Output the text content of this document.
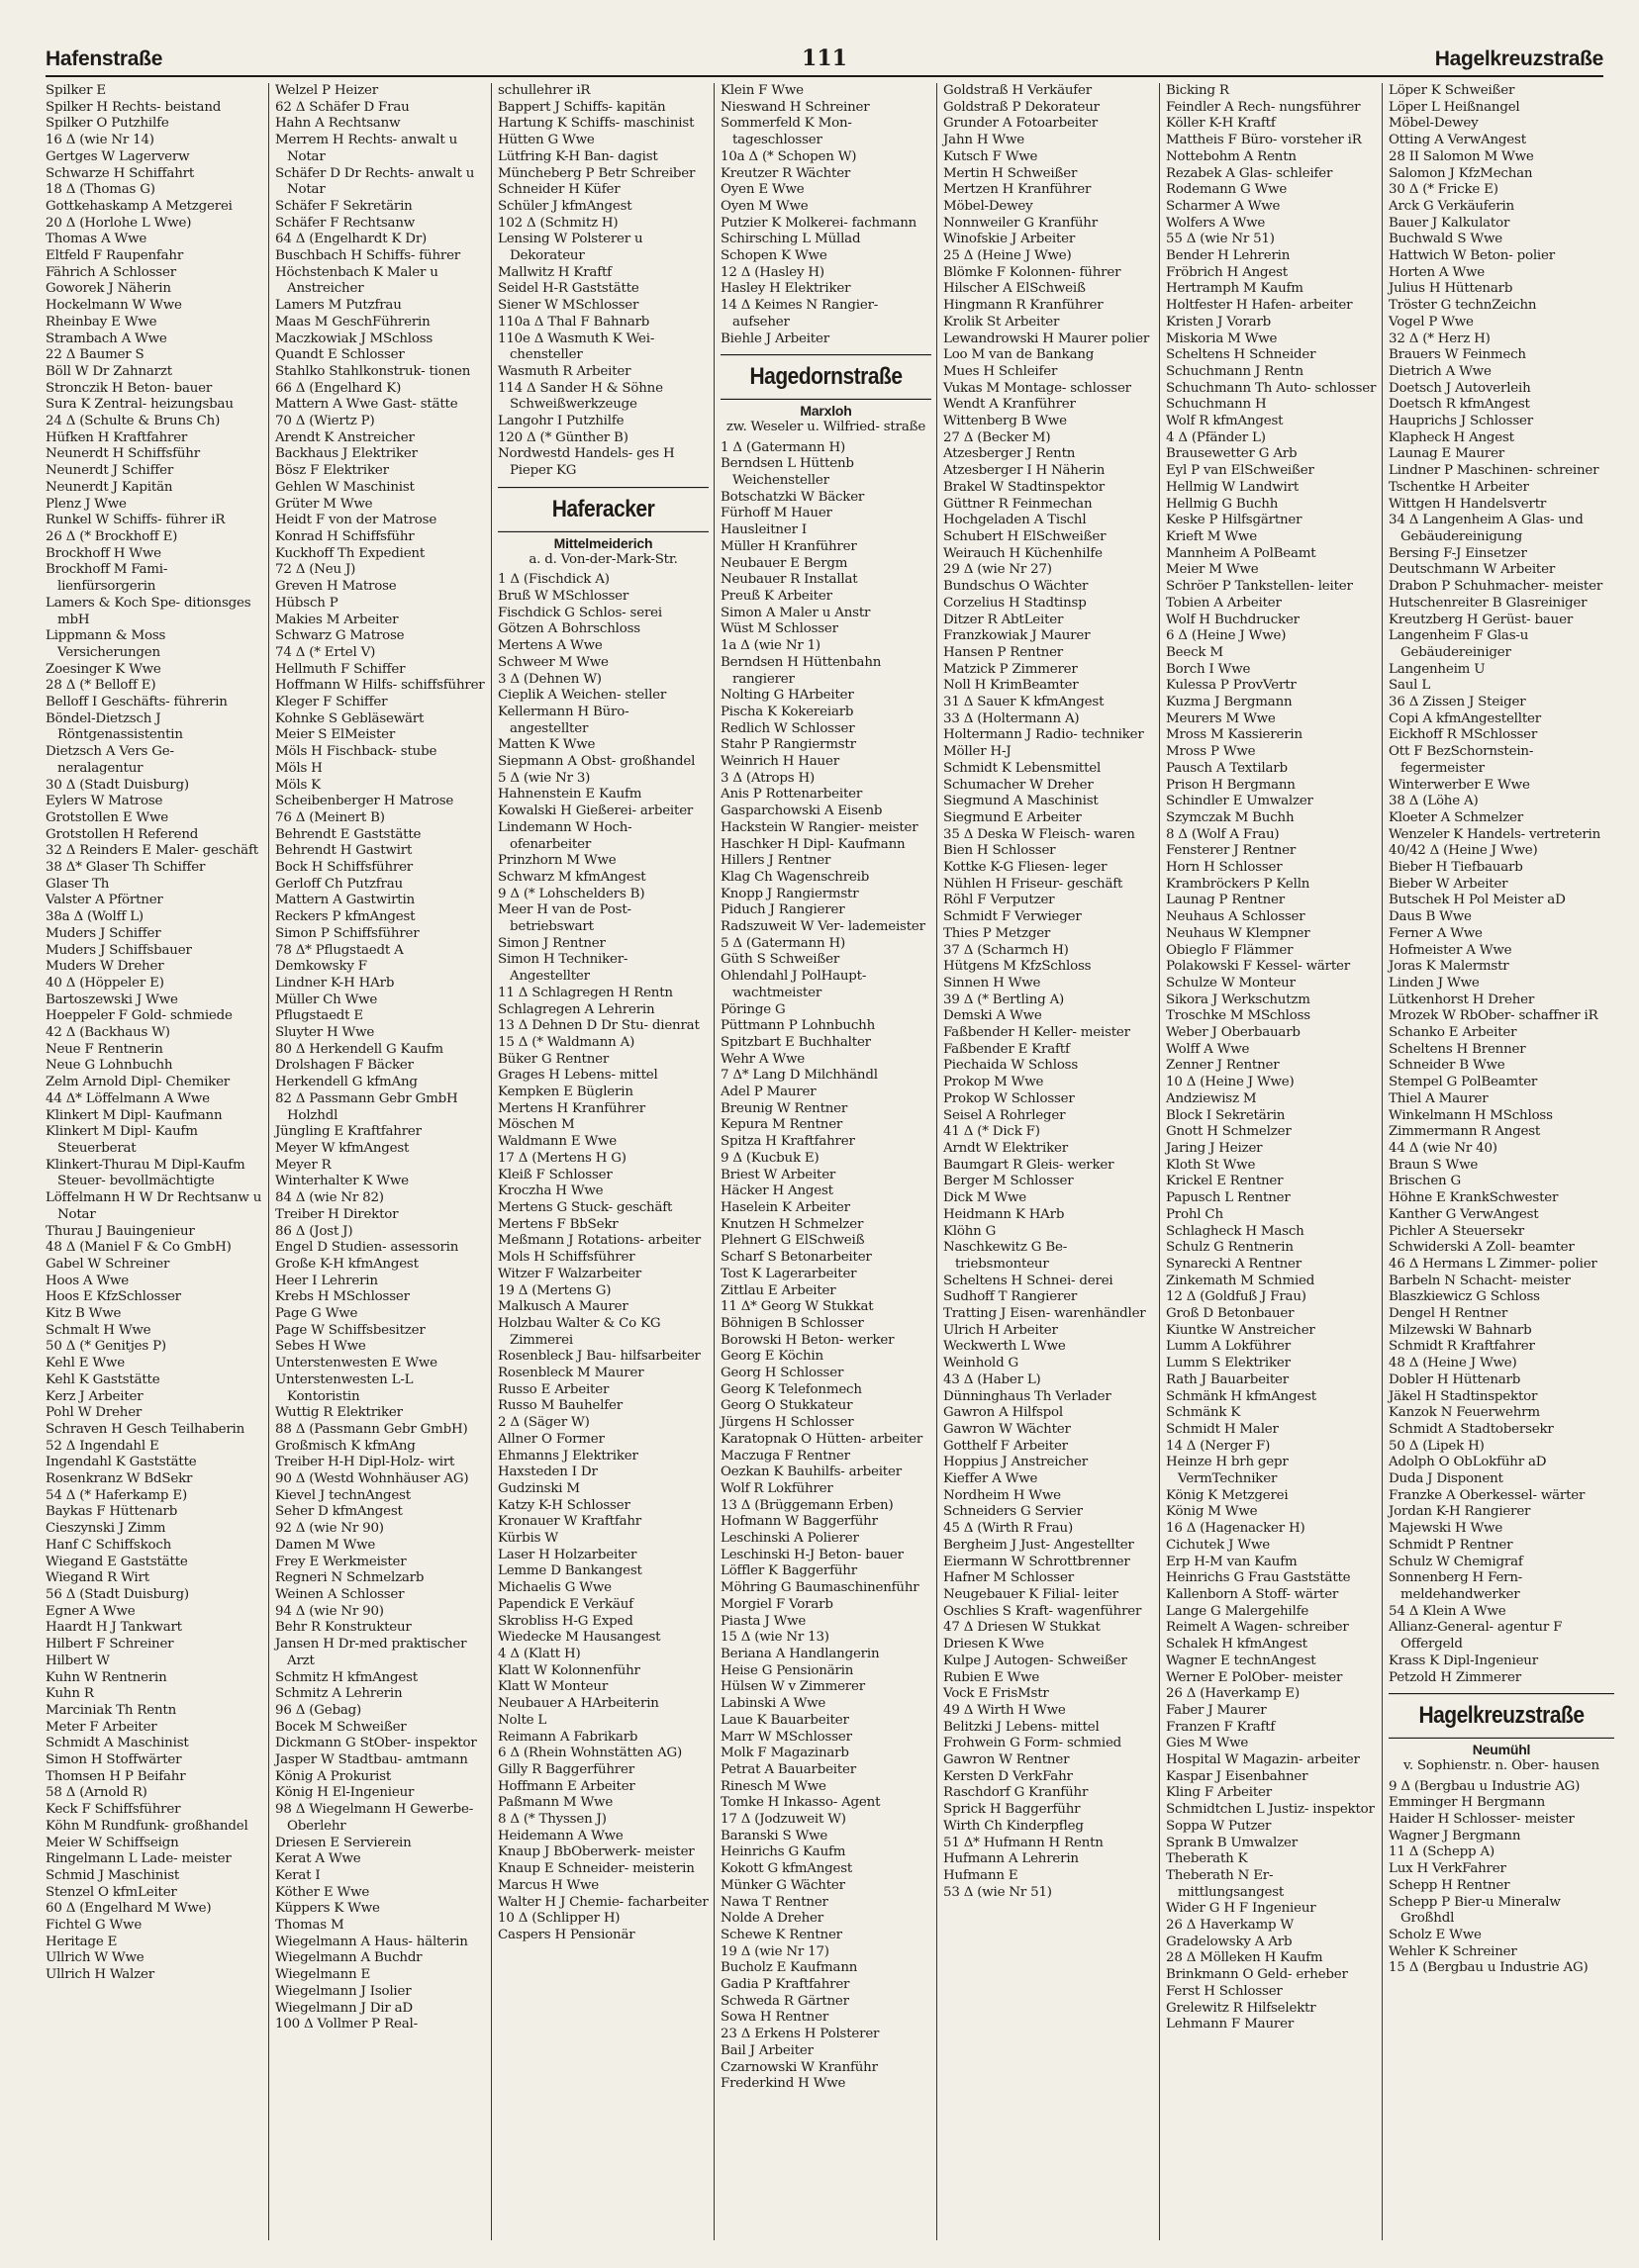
Hafenstraße	111	Hagelkreuzstraße
Spilker E
Spilker H Rechts- beistand
Spilker O Putzhilfe
16 Δ (wie Nr 14)
Gertges W Lagerverw
Schwarze H Schiffahrt
18 Δ (Thomas G)
Gottkehaskamp A Metzgerei
20 Δ (Horlohe L Wwe)
Thomas A Wwe
Eltfeld F Raupenfahr
Fährich A Schlosser
Goworek J Näherin
Hockelmann W Wwe
Rheinbay E Wwe
Strambach A Wwe
22 Δ Baumer S
Böll W Dr Zahnarzt
Stronczik H Beton- bauer
Sura K Zentral- heizungsbau
24 Δ (Schulte & Bruns Ch)
Hüfken H Kraftfahrer
Neunerdt H Schiffsführ
Neunerdt J Schiffer
Neunerdt J Kapitän
Plenz J Wwe
Runkel W Schiffs- führer iR
26 Δ (* Brockhoff E)
Brockhoff H Wwe
Brockhoff M Fami- lienfürsorgerin
Lamers & Koch Spe- ditionsges mbH
Lippmann & Moss Versicherungen
Zoesinger K Wwe
28 Δ (* Belloff E)
Belloff I Geschäfts- führerin
Böndel-Dietzsch J Röntgenassistentin
Dietzsch A Vers Ge- neralagentur
30 Δ (Stadt Duisburg)
Eylers W Matrose
Grotstollen E Wwe
Grotstollen H Referend
32 Δ Reinders E Maler- geschäft
38 Δ* Glaser Th Schiffer
Glaser Th
Valster A Pförtner
38a Δ (Wolff L)
Muders J Schiffer
Muders J Schiffsbauer
Muders W Dreher
40 Δ (Höppeler E)
Bartoszewski J Wwe
Hoeppeler F Gold- schmiede
42 Δ (Backhaus W)
Neue F Rentnerin
Neue G Lohnbuchh
Zelm Arnold Dipl- Chemiker
44 Δ* Löffelmann A Wwe
Klinkert M Dipl- Kaufmann
Klinkert M Dipl- Kaufm Steuerberat
Klinkert-Thurau M Dipl-Kaufm Steuer- bevollmächtigte
Löffelmann H W Dr Rechtsanw u Notar
Thurau J Bauingenieur
48 Δ (Maniel F & Co GmbH)
Gabel W Schreiner
Hoos A Wwe
Hoos E KfzSchlosser
Kitz B Wwe
Schmalt H Wwe
50 Δ (* Genitjes P)
Kehl E Wwe
Kehl K Gaststätte
Kerz J Arbeiter
Pohl W Dreher
Schraven H Gesch Teilhaberin
52 Δ Ingendahl E
Ingendahl K Gaststätte
Rosenkranz W BdSekr
54 Δ (* Haferkamp E)
Baykas F Hüttenarb
Cieszynski J Zimm
Hanf C Schiffskoch
Wiegand E Gaststätte
Wiegand R Wirt
56 Δ (Stadt Duisburg)
Egner A Wwe
Haardt H J Tankwart
Hilbert F Schreiner
Hilbert W
Kuhn W Rentnerin
Kuhn R
Marciniak Th Rentn
Meter F Arbeiter
Schmidt A Maschinist
Simon H Stoffwärter
Thomsen H P Beifahr
58 Δ (Arnold R)
Keck F Schiffsführer
Köhn M Rundfunk- großhandel
Meier W Schiffseign
Ringelmann L Lade- meister
Schmid J Maschinist
Stenzel O kfmLeiter
60 Δ (Engelhard M Wwe)
Fichtel G Wwe
Heritage E
Ullrich W Wwe
Ullrich H Walzer
Welzel P Heizer
62 Δ Schäfer D Frau
Hahn A Rechtsanw
Merrem H Rechts- anwalt u Notar
Schäfer D Dr Rechts- anwalt u Notar
Schäfer F Sekretärin
Schäfer F Rechtsanw
64 Δ (Engelhardt K Dr)
Buschbach H Schiffs- führer
Höchstenbach K Maler u Anstreicher
Lamers M Putzfrau
Maas M GeschFührerin
Maczkowiak J MSchloss
Quandt E Schlosser
Stahlko Stahlkonstruk- tionen
66 Δ (Engelhard K)
Mattern A Wwe Gast- stätte
70 Δ (Wiertz P)
Arendt K Anstreicher
Backhaus J Elektriker
Bösz F Elektriker
Gehlen W Maschinist
Grüter M Wwe
Heidt F von der Matrose
Konrad H Schiffsführ
Kuckhoff Th Expedient
72 Δ (Neu J)
Greven H Matrose
Hübsch P
Makies M Arbeiter
Schwarz G Matrose
74 Δ (* Ertel V)
Hellmuth F Schiffer
Hoffmann W Hilfs- schiffsführer
Kleger F Schiffer
Kohnke S Gebläsewärt
Meier S ElMeister
Möls H Fischback- stube
Möls H
Möls K
Scheibenberger H Matrose
76 Δ (Meinert B)
Behrendt E Gaststätte
Behrendt H Gastwirt
Bock H Schiffsführer
Gerloff Ch Putzfrau
Mattern A Gastwirtin
Reckers P kfmAngest
Simon P Schiffsführer
78 Δ* Pflugstaedt A
Demkowsky F
Lindner K-H HArb
Müller Ch Wwe
Pflugstaedt E
Sluyter H Wwe
80 Δ Herkendell G Kaufm
Drolshagen F Bäcker
Herkendell G kfmAng
82 Δ Passmann Gebr GmbH Holzhdl
Jüngling E Kraftfahrer
Meyer W kfmAngest
Meyer R
Winterhalter K Wwe
84 Δ (wie Nr 82)
Treiber H Direktor
86 Δ (Jost J)
Engel D Studien- assessorin
Große K-H kfmAngest
Heer I Lehrerin
Krebs H MSchlosser
Page G Wwe
Page W Schiffsbesitzer
Sebes H Wwe
Unterstenwesten E Wwe
Unterstenwesten L-L Kontoristin
Wuttig R Elektriker
88 Δ (Passmann Gebr GmbH)
Großmisch K kfmAng
Treiber H-H Dipl-Holz- wirt
90 Δ (Westd Wohnhäuser AG)
Kievel J technAngest
Seher D kfmAngest
92 Δ (wie Nr 90)
Damen M Wwe
Frey E Werkmeister
Regneri N Schmelzarb
Weinen A Schlosser
94 Δ (wie Nr 90)
Behr R Konstrukteur
Jansen H Dr-med praktischer Arzt
Schmitz H kfmAngest
Schmitz A Lehrerin
96 Δ (Gebag)
Bocek M Schweißer
Dickmann G StOber- inspektor
Jasper W Stadtbau- amtmann
König A Prokurist
König H El-Ingenieur
98 Δ Wiegelmann H Gewerbe-Oberlehr
Driesen E Servierein
Kerat A Wwe
Kerat I
Köther E Wwe
Küppers K Wwe
Thomas M
Wiegelmann A Haus- hälterin
Wiegelmann A Buchdr
Wiegelmann E
Wiegelmann J Isolier
Wiegelmann J Dir aD
100 Δ Vollmer P Real-
schullehrer iR
Bappert J Schiffs- kapitän
Hartung K Schiffs- maschinist
Hütten G Wwe
Lütfring K-H Ban- dagist
Müncheberg P Betr Schreiber
Schneider H Küfer
Schüler J kfmAngest
102 Δ (Schmitz H)
Lensing W Polsterer u Dekorateur
Mallwitz H Kraftf
Seidel H-R Gaststätte
Siener W MSchlosser
110a Δ Thal F Bahnarb
110e Δ Wasmuth K Wei- chensteller
Wasmuth R Arbeiter
114 Δ Sander H & Söhne Schweißwerkzeuge
Langohr I Putzhilfe
120 Δ (* Günther B)
Nordwestd Handels- ges H Pieper KG
Haferacker
Mittelmeiderich
a. d. Von-der-Mark-Str.
1 Δ (Fischdick A)
Bruß W MSchlosser
Fischdick G Schlos- serei
Götzen A Bohrschloss
Mertens A Wwe
Schweer M Wwe
3 Δ (Dehnen W)
Cieplik A Weichen- steller
Kellermann H Büro- angestellter
Matten K Wwe
Siepmann A Obst- großhandel
5 Δ (wie Nr 3)
Hahnenstein E Kaufm
Kowalski H Gießerei- arbeiter
Lindemann W Hoch- ofenarbeiter
Prinzhorn M Wwe
Schwarz M kfmAngest
9 Δ (* Lohschelders B)
Meer H van de Post- betriebswart
Simon J Rentner
Simon H Techniker- Angestellter
11 Δ Schlagregen H Rentn
Schlagregen A Lehrerin
13 Δ Dehnen D Dr Stu- dienrat
15 Δ (* Waldmann A)
Büker G Rentner
Grages H Lebens- mittel
Kempken E Büglerin
Mertens H Kranführer
Möschen M
Waldmann E Wwe
17 Δ (Mertens H G)
Kleiß F Schlosser
Kroczha H Wwe
Mertens G Stuck- geschäft
Mertens F BbSekr
Meßmann J Rotations- arbeiter
Mols H Schiffsführer
Witzer F Walzarbeiter
19 Δ (Mertens G)
Malkusch A Maurer
Holzbau Walter & Co KG Zimmerei
Rosenbleck J Bau- hilfsarbeiter
Rosenbleck M Maurer
Russo E Arbeiter
Russo M Bauhelfer
2 Δ (Säger W)
Allner O Former
Ehmanns J Elektriker
Haxsteden I Dr
Gudzinski M
Katzy K-H Schlosser
Kronauer W Kraftfahr
Kürbis W
Laser H Holzarbeiter
Lemme D Bankangest
Michaelis G Wwe
Papendick E Verkäuf
Skrobliss H-G Exped
Wiedecke M Hausangest
4 Δ (Klatt H)
Klatt W Kolonnenführ
Klatt W Monteur
Neubauer A HArbeiterin
Nolte L
Reimann A Fabrikarb
6 Δ (Rhein Wohnstätten AG)
Gilly R Baggerführer
Hoffmann E Arbeiter
Paßmann M Wwe
8 Δ (* Thyssen J)
Heidemann A Wwe
Knaup J BbOberwerk- meister
Knaup E Schneider- meisterin
Marcus H Wwe
Walter H J Chemie- facharbeiter
10 Δ (Schlipper H)
Caspers H Pensionär
Klein F Wwe
Nieswand H Schreiner
Sommerfeld K Mon- tageschlosser
10a Δ (* Schopen W)
Kreutzer R Wächter
Oyen E Wwe
Oyen M Wwe
Putzier K Molkerei- fachmann
Schirsching L Müllad
Schopen K Wwe
12 Δ (Hasley H)
Hasley H Elektriker
14 Δ Keimes N Rangier- aufseher
Biehle J Arbeiter
Hagedornstraße
Marxloh
zw. Weseler u. Wilfried- straße
1 Δ (Gatermann H)
Berndsen L Hüttenb Weichensteller
Botschatzki W Bäcker
Fürhoff M Hauer
Hausleitner I
Müller H Kranführer
Neubauer E Bergm
Neubauer R Installat
Preuß K Arbeiter
Simon A Maler u Anstr
Wüst M Schlosser
1a Δ (wie Nr 1)
Berndsen H Hüttenbahn rangierer
Nolting G HArbeiter
Pischa K Kokereiarb
Redlich W Schlosser
Stahr P Rangiermstr
Weinrich H Hauer
3 Δ (Atrops H)
Anis P Rottenarbeiter
Gasparchowski A Eisenb
Hackstein W Rangier- meister
Haschker H Dipl- Kaufmann
Hillers J Rentner
Klag Ch Wagenschreib
Knopp J Rangiermstr
Piduch J Rangierer
Radszuweit W Ver- lademeister
5 Δ (Gatermann H)
Güth S Schweißer
Ohlendahl J PolHaupt- wachtmeister
Pöringe G
Püttmann P Lohnbuchh
Spitzbart E Buchhalter
Wehr A Wwe
7 Δ* Lang D Milchhändl
Adel P Maurer
Breunig W Rentner
Kepura M Rentner
Spitza H Kraftfahrer
9 Δ (Kucbuk E)
Briest W Arbeiter
Häcker H Angest
Haselein K Arbeiter
Knutzen H Schmelzer
Plehnert G ElSchweiß
Scharf S Betonarbeiter
Tost K Lagerarbeiter
Zittlau E Arbeiter
11 Δ* Georg W Stukkat
Böhnigen B Schlosser
Borowski H Beton- werker
Georg E Köchin
Georg H Schlosser
Georg K Telefonmech
Georg O Stukkateur
Jürgens H Schlosser
Karatopnak O Hütten- arbeiter
Maczuga F Rentner
Oezkan K Bauhilfs- arbeiter
Wolf R Lokführer
13 Δ (Brüggemann Erben)
Hofmann W Baggerführ
Leschinski A Polierer
Leschinski H-J Beton- bauer
Löffler K Baggerführ
Möhring G Baumaschinenführ
Morgiel F Vorarb
Piasta J Wwe
15 Δ (wie Nr 13)
Beriana A Handlangerin
Heise G Pensionärin
Hülsen W v Zimmerer
Labinski A Wwe
Laue K Bauarbeiter
Marr W MSchlosser
Molk F Magazinarb
Petrat A Bauarbeiter
Rinesch M Wwe
Tomke H Inkasso- Agent
17 Δ (Jodzuweit W)
Baranski S Wwe
Heinrichs G Kaufm
Kokott G kfmAngest
Münker G Wächter
Nawa T Rentner
Nolde A Dreher
Schewe K Rentner
19 Δ (wie Nr 17)
Bucholz E Kaufmann
Gadia P Kraftfahrer
Schweda R Gärtner
Sowa H Rentner
23 Δ Erkens H Polsterer
Bail J Arbeiter
Czarnowski W Kranführ
Frederkind H Wwe
Goldstraß H Verkäufer
Goldstraß P Dekorateur
Grunder A Fotoarbeiter
Jahn H Wwe
Kutsch F Wwe
Mertin H Schweißer
Mertzen H Kranführer
Möbel-Dewey
Nonnweiler G Kranführ
Winofskie J Arbeiter
25 Δ (Heine J Wwe)
Blömke F Kolonnen- führer
Hilscher A ElSchweiß
Hingmann R Kranführer
Krolik St Arbeiter
Lewandrowski H Maurer polier
Loo M van de Bankang
Mues H Schleifer
Vukas M Montage- schlosser
Wendt A Kranführer
Wittenberg B Wwe
27 Δ (Becker M)
Atzesberger J Rentn
Atzesberger I H Näherin
Brakel W Stadtinspektor
Güttner R Feinmechan
Hochgeladen A Tischl
Schubert H ElSchweißer
Weirauch H Küchenhilfe
29 Δ (wie Nr 27)
Bundschus O Wächter
Corzelius H Stadtinsp
Ditzer R AbtLeiter
Franzkowiak J Maurer
Hansen P Rentner
Matzick P Zimmerer
Noll H KrimBeamter
31 Δ Sauer K kfmAngest
33 Δ (Holtermann A)
Holtermann J Radio- techniker
Möller H-J
Schmidt K Lebensmittel
Schumacher W Dreher
Siegmund A Maschinist
Siegmund E Arbeiter
35 Δ Deska W Fleisch- waren
Bien H Schlosser
Kottke K-G Fliesen- leger
Nühlen H Friseur- geschäft
Röhl F Verputzer
Schmidt F Verwieger
Thies P Metzger
37 Δ (Scharmch H)
Hütgens M KfzSchloss
Sinnen H Wwe
39 Δ (* Bertling A)
Demski A Wwe
Faßbender H Keller- meister
Faßbender E Kraftf
Piechaida W Schloss
Prokop M Wwe
Prokop W Schlosser
Seisel A Rohrleger
41 Δ (* Dick F)
Arndt W Elektriker
Baumgart R Gleis- werker
Berger M Schlosser
Dick M Wwe
Heidmann K HArb
Klöhn G
Naschkewitz G Be- triebsmonteur
Scheltens H Schnei- derei
Sudhoff T Rangierer
Tratting J Eisen- warenhändler
Ulrich H Arbeiter
Weckwerth L Wwe
Weinhold G
43 Δ (Haber L)
Dünninghaus Th Verlader
Gawron A Hilfspol
Gawron W Wächter
Gotthelf F Arbeiter
Hoppius J Anstreicher
Kieffer A Wwe
Nordheim H Wwe
Schneiders G Servier
45 Δ (Wirth R Frau)
Bergheim J Just- Angestellter
Eiermann W Schrottbrenner
Hafner M Schlosser
Neugebauer K Filial- leiter
Oschlies S Kraft- wagenführer
47 Δ Driesen W Stukkat
Driesen K Wwe
Kulpe J Autogen- Schweißer
Rubien E Wwe
Vock E FrisMstr
49 Δ Wirth H Wwe
Belitzki J Lebens- mittel
Frohwein G Form- schmied
Gawron W Rentner
Kersten D VerkFahr
Raschdorf G Kranführ
Sprick H Baggerführ
Wirth Ch Kinderpfleg
51 Δ* Hufmann H Rentn
Hufmann A Lehrerin
Hufmann E
53 Δ (wie Nr 51)
Bicking R
Feindler A Rech- nungsführer
Köller K-H Kraftf
Mattheis F Büro- vorsteher iR
Nottebohm A Rentn
Rezabek A Glas- schleifer
Rodemann G Wwe
Scharmer A Wwe
Wolfers A Wwe
55 Δ (wie Nr 51)
Bender H Lehrerin
Fröbrich H Angest
Hertramph M Kaufm
Holtfester H Hafen- arbeiter
Kristen J Vorarb
Miskoria M Wwe
Scheltens H Schneider
Schuchmann J Rentn
Schuchmann Th Auto- schlosser
Schuchmann H
Wolf R kfmAngest
4 Δ (Pfänder L)
Brausewetter G Arb
Eyl P van ElSchweißer
Hellmig W Landwirt
Hellmig G Buchh
Keske P Hilfsgärtner
Krieft M Wwe
Mannheim A PolBeamt
Meier M Wwe
Schröer P Tankstellen- leiter
Tobien A Arbeiter
Wolf H Buchdrucker
6 Δ (Heine J Wwe)
Beeck M
Borch I Wwe
Kulessa P ProvVertr
Kuzma J Bergmann
Meurers M Wwe
Mross M Kassiererin
Mross P Wwe
Pausch A Textilarb
Prison H Bergmann
Schindler E Umwalzer
Szymczak M Buchh
8 Δ (Wolf A Frau)
Fensterer J Rentner
Horn H Schlosser
Krambröckers P Kelln
Launag P Rentner
Neuhaus A Schlosser
Neuhaus W Klempner
Obieglo F Flämmer
Polakowski F Kessel- wärter
Schulze W Monteur
Sikora J Werkschutzm
Troschke M MSchloss
Weber J Oberbauarb
Wolff A Wwe
Zenner J Rentner
10 Δ (Heine J Wwe)
Andziewisz M
Block I Sekretärin
Gnott H Schmelzer
Jaring J Heizer
Kloth St Wwe
Krickel E Rentner
Papusch L Rentner
Prohl Ch
Schlagheck H Masch
Schulz G Rentnerin
Synarecki A Rentner
Zinkemath M Schmied
12 Δ (Goldfuß J Frau)
Groß D Betonbauer
Kiuntke W Anstreicher
Lumm A Lokführer
Lumm S Elektriker
Rath J Bauarbeiter
Schmänk H kfmAngest
Schmänk K
Schmidt H Maler
14 Δ (Nerger F)
Heinze H brh gepr VermTechniker
König K Metzgerei
König M Wwe
16 Δ (Hagenacker H)
Cichutek J Wwe
Erp H-M van Kaufm
Heinrichs G Frau Gaststätte
Kallenborn A Stoff- wärter
Lange G Malergehilfe
Reimelt A Wagen- schreiber
Schalek H kfmAngest
Wagner E technAngest
Werner E PolOber- meister
26 Δ (Haverkamp E)
Faber J Maurer
Franzen F Kraftf
Gies M Wwe
Hospital W Magazin- arbeiter
Kaspar J Eisenbahner
Kling F Arbeiter
Schmidtchen L Justiz- inspektor
Soppa W Putzer
Sprank B Umwalzer
Theberath K
Theberath N Er- mittlungsangest
Wider G H F Ingenieur
26 Δ Haverkamp W
Gradelowsky A Arb
28 Δ Mölleken H Kaufm
Brinkmann O Geld- erheber
Ferst H Schlosser
Grelewitz R Hilfselektr
Lehmann F Maurer
Löper K Schweißer
Löper L Heißnangel
Möbel-Dewey
Otting A VerwAngest
28 II Salomon M Wwe
Salomon J KfzMechan
30 Δ (* Fricke E)
Arck G Verkäuferin
Bauer J Kalkulator
Buchwald S Wwe
Hattwich W Beton- polier
Horten A Wwe
Julius H Hüttenarb
Tröster G technZeichn
Vogel P Wwe
32 Δ (* Herz H)
Brauers W Feinmech
Dietrich A Wwe
Doetsch J Autoverleih
Doetsch R kfmAngest
Hauprichs J Schlosser
Klapheck H Angest
Launag E Maurer
Lindner P Maschinen- schreiner
Tschentke H Arbeiter
Wittgen H Handelsvertr
34 Δ Langenheim A Glas- und Gebäudereinigung
Bersing F-J Einsetzer
Deutschmann W Arbeiter
Drabon P Schuhmacher- meister
Hutschenreiter B Glasreiniger
Kreutzberg H Gerüst- bauer
Langenheim F Glas-u Gebäudereiniger
Langenheim U
Saul L
36 Δ Zissen J Steiger
Copi A kfmAngestellter
Eickhoff R MSchlosser
Ott F BezSchornstein- fegermeister
Winterwerber E Wwe
38 Δ (Löhe A)
Kloeter A Schmelzer
Wenzeler K Handels- vertreterin
40/42 Δ (Heine J Wwe)
Bieber H Tiefbauarb
Bieber W Arbeiter
Butschek H Pol Meister aD
Daus B Wwe
Ferner A Wwe
Hofmeister A Wwe
Joras K Malermstr
Linden J Wwe
Lütkenhorst H Dreher
Mrozek W RbOber- schaffner iR
Schanko E Arbeiter
Scheltens H Brenner
Schneider B Wwe
Stempel G PolBeamter
Thiel A Maurer
Winkelmann H MSchloss
Zimmermann R Angest
44 Δ (wie Nr 40)
Braun S Wwe
Brischen G
Höhne E KrankSchwester
Kanther G VerwAngest
Pichler A Steuersekr
Schwiderski A Zoll- beamter
46 Δ Hermans L Zimmer- polier
Barbeln N Schacht- meister
Blaszkiewicz G Schloss
Dengel H Rentner
Milzewski W Bahnarb
Schmidt R Kraftfahrer
48 Δ (Heine J Wwe)
Dobler H Hüttenarb
Jäkel H Stadtinspektor
Kanzok N Feuerwehrm
Schmidt A Stadtobersekr
50 Δ (Lipek H)
Adolph O ObLokführ aD
Duda J Disponent
Franzke A Oberkessel- wärter
Jordan K-H Rangierer
Majewski H Wwe
Schmidt P Rentner
Schulz W Chemigraf
Sonnenberg H Fern- meldehandwerker
54 Δ Klein A Wwe
Allianz-General- agentur F Offergeld
Krass K Dipl-Ingenieur
Petzold H Zimmerer
Hagelkreuzstraße
Neumühl
v. Sophienstr. n. Ober- hausen
9 Δ (Bergbau u Industrie AG)
Emminger H Bergmann
Haider H Schlosser- meister
Wagner J Bergmann
11 Δ (Schepp A)
Lux H VerkFahrer
Schepp H Rentner
Schepp P Bier-u Mineralw Großhdl
Scholz E Wwe
Wehler K Schreiner
15 Δ (Bergbau u Industrie AG)
